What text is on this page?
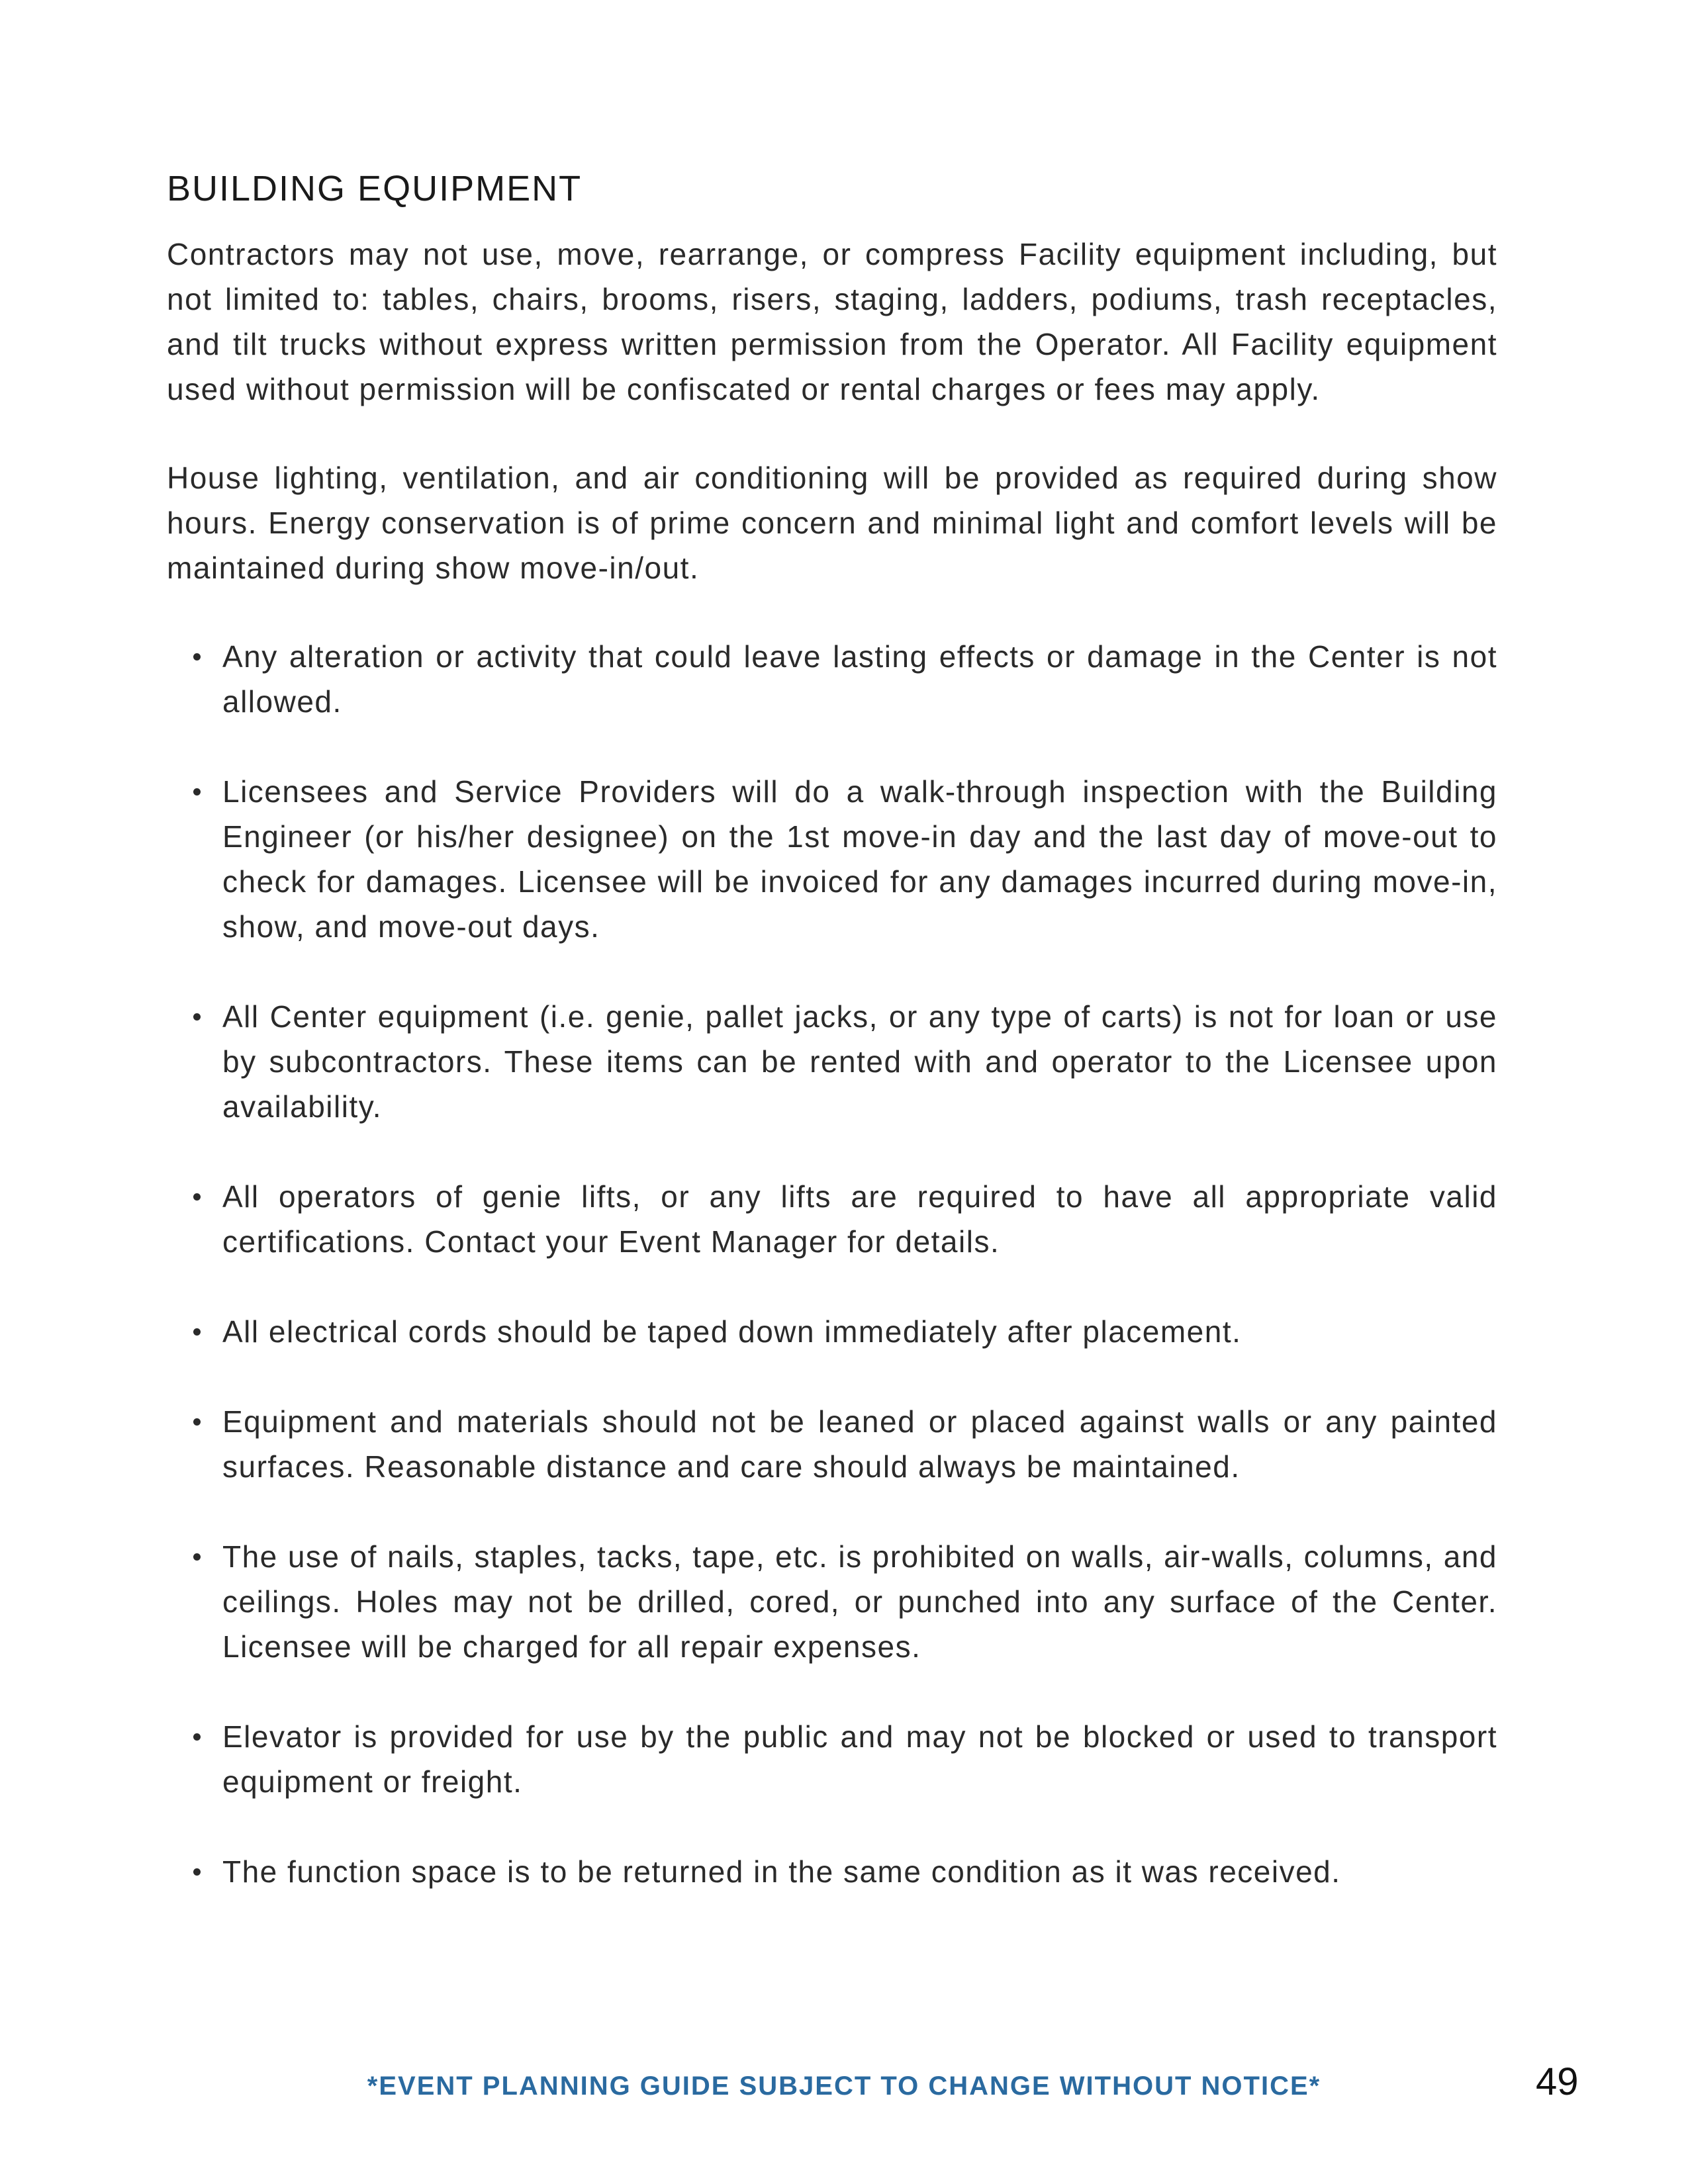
BUILDING EQUIPMENT

Contractors may not use, move, rearrange, or compress Facility equipment including, but not limited to: tables, chairs, brooms, risers, staging, ladders, podiums, trash receptacles, and tilt trucks without express written permission from the Operator. All Facility equipment used without permission will be confiscated or rental charges or fees may apply.

House lighting, ventilation, and air conditioning will be provided as required during show hours. Energy conservation is of prime concern and minimal light and comfort levels will be maintained during show move-in/out.

Any alteration or activity that could leave lasting effects or damage in the Center is not allowed.
Licensees and Service Providers will do a walk-through inspection with the Building Engineer (or his/her designee) on the 1st move-in day and the last day of move-out to check for damages. Licensee will be invoiced for any damages incurred during move-in, show, and move-out days.
All Center equipment (i.e. genie, pallet jacks, or any type of carts) is not for loan or use by subcontractors. These items can be rented with and operator to the Licensee upon availability.
All operators of genie lifts, or any lifts are required to have all appropriate valid certifications. Contact your Event Manager for details.
All electrical cords should be taped down immediately after placement.
Equipment and materials should not be leaned or placed against walls or any painted surfaces. Reasonable distance and care should always be maintained.
The use of nails, staples, tacks, tape, etc. is prohibited on walls, air-walls, columns, and ceilings. Holes may not be drilled, cored, or punched into any surface of the Center. Licensee will be charged for all repair expenses.
Elevator is provided for use by the public and may not be blocked or used to transport equipment or freight.
The function space is to be returned in the same condition as it was received.
*EVENT PLANNING GUIDE SUBJECT TO CHANGE WITHOUT NOTICE*	49
